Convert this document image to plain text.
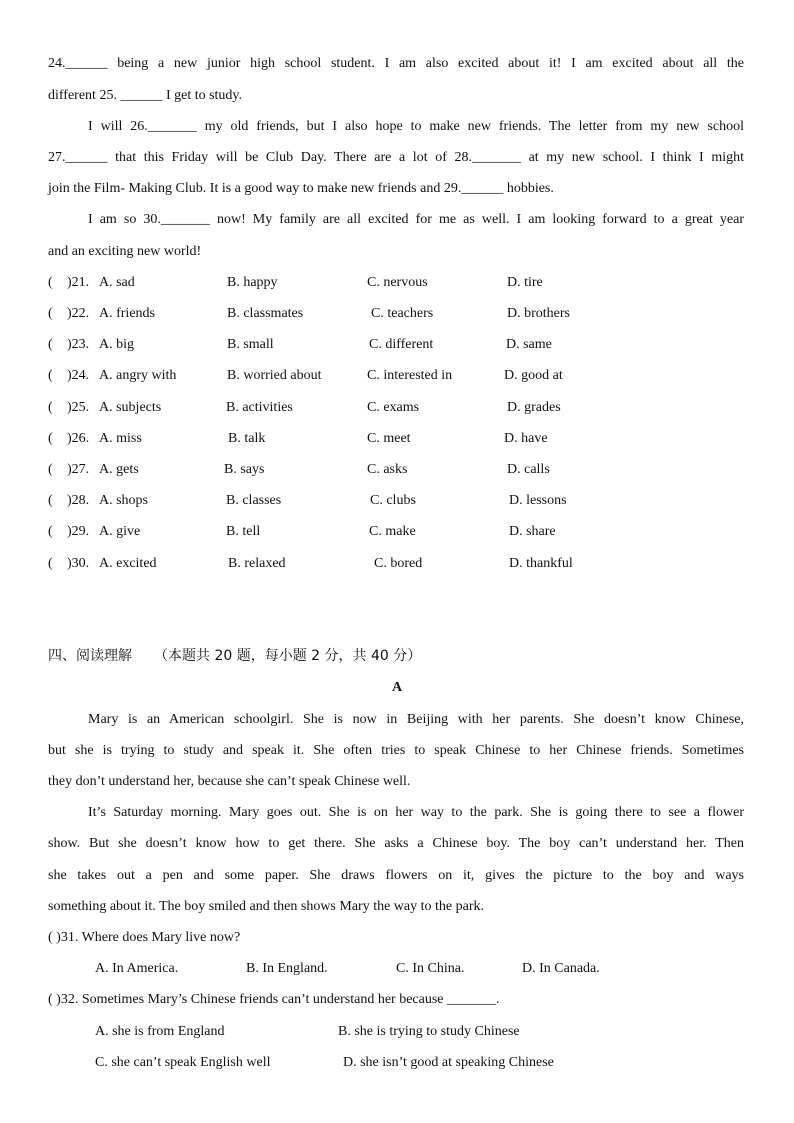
24.______ being a new junior high school student. I am also excited about it! I am excited about all the
different 25. ______ I get to study.
I will 26._______ my old friends, but I also hope to make new friends. The letter from my new school
27.______ that this Friday will be Club Day. There are a lot of 28._______ at my new school. I think I might
join the Film- Making Club. It is a good way to make new friends and 29.______ hobbies.
I am so 30._______ now! My family are all excited for me as well. I am looking forward to a great year
and an exciting new world!
( )21. A. sad	B. happy	C. nervous	D. tire
( )22. A. friends	B. classmates	C. teachers	D. brothers
( )23. A. big	B. small	C. different	D. same
( )24. A. angry with	B. worried about	C. interested in	D. good at
( )25. A. subjects	B. activities	C. exams	D. grades
( )26. A. miss	B. talk	C. meet	D. have
( )27. A. gets	B. says	C. asks	D. calls
( )28. A. shops	B. classes	C. clubs	D. lessons
( )29. A. give	B. tell	C. make	D. share
( )30. A. excited	B. relaxed	C. bored	D. thankful
四、阅读理解 （本题共 20 题，每小题 2 分，共 40 分）
A
Mary is an American schoolgirl. She is now in Beijing with her parents. She doesn’t know Chinese,
but she is trying to study and speak it. She often tries to speak Chinese to her Chinese friends. Sometimes
they don’t understand her, because she can’t speak Chinese well.
It’s Saturday morning. Mary goes out. She is on her way to the park. She is going there to see a flower
show. But she doesn’t know how to get there. She asks a Chinese boy. The boy can’t understand her. Then
she takes out a pen and some paper. She draws flowers on it, gives the picture to the boy and ways
something about it. The boy smiled and then shows Mary the way to the park.
( )31. Where does Mary live now?
A. In America.	B. In England.	C. In China.	D. In Canada.
( )32. Sometimes Mary’s Chinese friends can’t understand her because _______.
A. she is from England	B. she is trying to study Chinese
C. she can’t speak English well	D. she isn’t good at speaking Chinese
